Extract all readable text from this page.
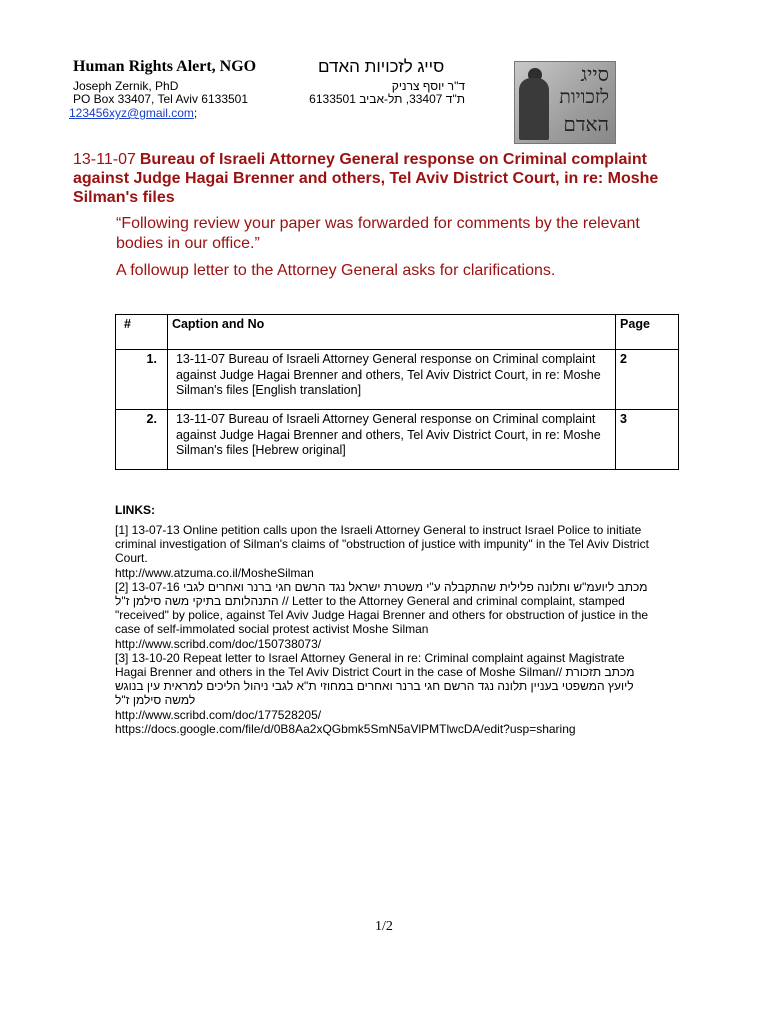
Human Rights Alert, NGO	סייג לזכויות האדם
Joseph Zernik, PhD
PO Box 33407, Tel Aviv 6133501
ד"ר יוסף צרניק
ת"ד 33407, תל-אביב 6133501
123456xyz@gmail.com;
סייג
לזכויות
האדם
13-11-07 Bureau of Israeli Attorney General response on Criminal complaint against Judge Hagai Brenner and others, Tel Aviv District Court, in re: Moshe Silman's files
“Following review your paper was forwarded for comments by the relevant bodies in our office.”
A followup letter to the Attorney General asks for clarifications.
#	Caption and No	Page
1.	13-11-07 Bureau of Israeli Attorney General response on Criminal complaint against Judge Hagai Brenner and others, Tel Aviv District Court, in re: Moshe Silman's files [English translation]	2
2.	13-11-07 Bureau of Israeli Attorney General response on Criminal complaint against Judge Hagai Brenner and others, Tel Aviv District Court, in re: Moshe Silman's files [Hebrew original]	3
LINKS:
[1] 13-07-13 Online petition calls upon the Israeli Attorney General to instruct Israel Police to initiate criminal investigation of Silman's claims of "obstruction of justice with impunity" in the Tel Aviv District Court.
http://www.atzuma.co.il/MosheSilman
[2] 13-07-16 מכתב ליועמ"ש ותלונה פלילית שהתקבלה ע"י משטרת ישראל נגד הרשם חגי ברנר ואחרים לגבי התנהלותם בתיקי משה סילמן ז"ל // Letter to the Attorney General and criminal complaint, stamped "received" by police, against Tel Aviv Judge Hagai Brenner and others for obstruction of justice in the case of self-immolated social protest activist Moshe Silman
http://www.scribd.com/doc/150738073/
[3] 13-10-20 Repeat letter to Israel Attorney General in re: Criminal complaint against Magistrate Hagai Brenner and others in the Tel Aviv District Court in the case of Moshe Silman// מכתב תזכורת ליועץ המשפטי בעניין תלונה נגד הרשם חגי ברנר ואחרים במחוזי ת"א לגבי ניהול הליכים למראית עין בנוגש למשה סילמן ז"ל
http://www.scribd.com/doc/177528205/
https://docs.google.com/file/d/0B8Aa2xQGbmk5SmN5aVlPMTlwcDA/edit?usp=sharing
1/2
